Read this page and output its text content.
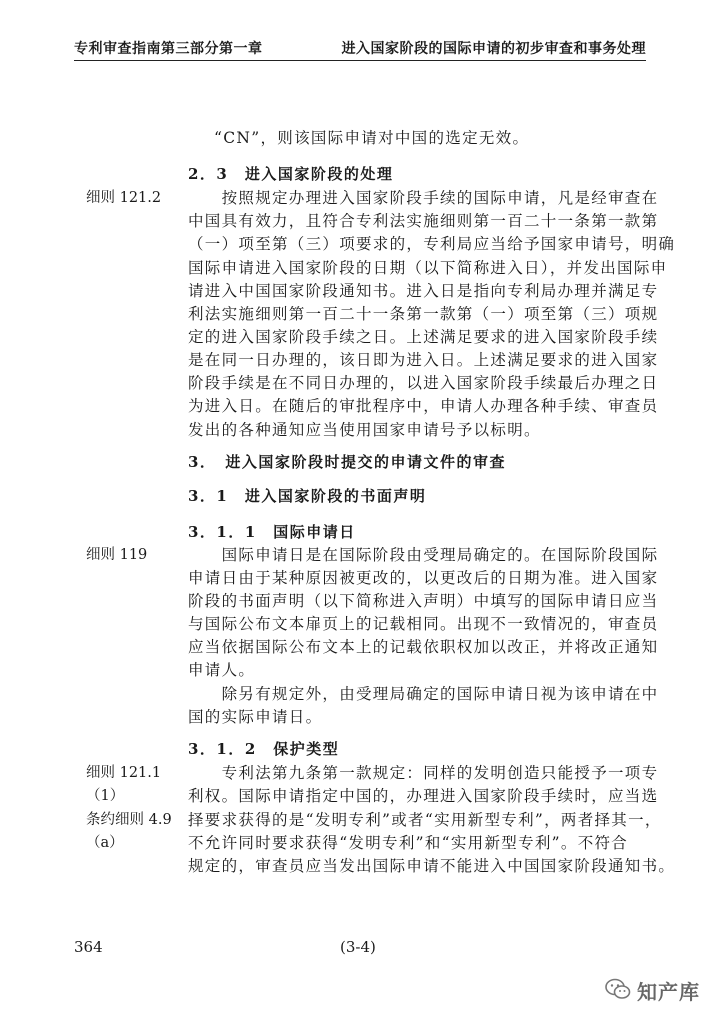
专利审查指南第三部分第一章	进入国家阶段的国际申请的初步审查和事务处理
“CN”，则该国际申请对中国的选定无效。
2．3　进入国家阶段的处理
细则 121.2 　　按照规定办理进入国家阶段手续的国际申请，凡是经审查在
中国具有效力，且符合专利法实施细则第一百二十一条第一款第
（一）项至第（三）项要求的，专利局应当给予国家申请号，明确
国际申请进入国家阶段的日期（以下简称进入日），并发出国际申
请进入中国国家阶段通知书。进入日是指向专利局办理并满足专
利法实施细则第一百二十一条第一款第（一）项至第（三）项规
定的进入国家阶段手续之日。上述满足要求的进入国家阶段手续
是在同一日办理的，该日即为进入日。上述满足要求的进入国家
阶段手续是在不同日办理的，以进入国家阶段手续最后办理之日
为进入日。在随后的审批程序中，申请人办理各种手续、审查员
发出的各种通知应当使用国家申请号予以标明。
3．　进入国家阶段时提交的申请文件的审查
3．1　进入国家阶段的书面声明
3．1．1　国际申请日
细则 119	　　国际申请日是在国际阶段由受理局确定的。在国际阶段国际
申请日由于某种原因被更改的，以更改后的日期为准。进入国家
阶段的书面声明（以下简称进入声明）中填写的国际申请日应当
与国际公布文本扉页上的记载相同。出现不一致情况的，审查员
应当依据国际公布文本上的记载依职权加以改正，并将改正通知
申请人。
　　除另有规定外，由受理局确定的国际申请日视为该申请在中
国的实际申请日。
3．1．2　保护类型
细则 121.1
（1）
条约细则 4.9
（a）
　　专利法第九条第一款规定：同样的发明创造只能授予一项专
利权。国际申请指定中国的，办理进入国家阶段手续时，应当选
择要求获得的是“发明专利”或者“实用新型专利”，两者择其一，
不允许同时要求获得“发明专利”和“实用新型专利”。不符合
规定的，审查员应当发出国际申请不能进入中国国家阶段通知书。
364	(3-4)
知产库
